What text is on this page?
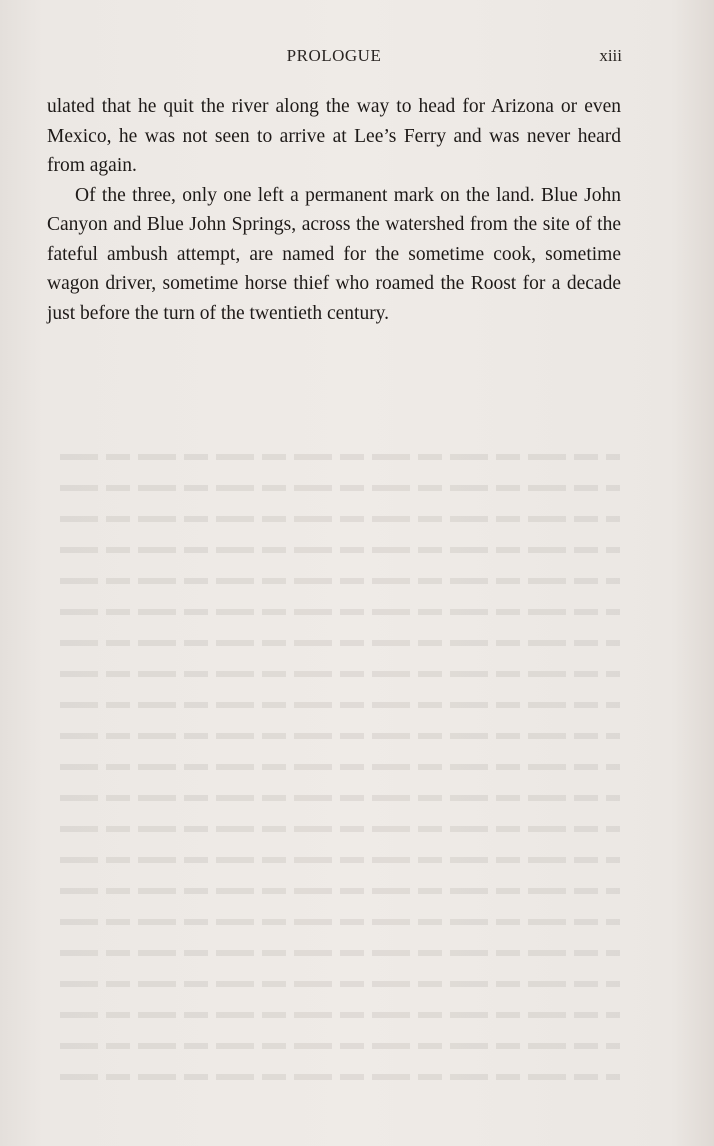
PROLOGUE	xiii

ulated that he quit the river along the way to head for Arizona or even Mexico, he was not seen to arrive at Lee’s Ferry and was never heard from again.

Of the three, only one left a permanent mark on the land. Blue John Canyon and Blue John Springs, across the watershed from the site of the fateful ambush attempt, are named for the sometime cook, sometime wagon driver, sometime horse thief who roamed the Roost for a decade just before the turn of the twentieth century.
